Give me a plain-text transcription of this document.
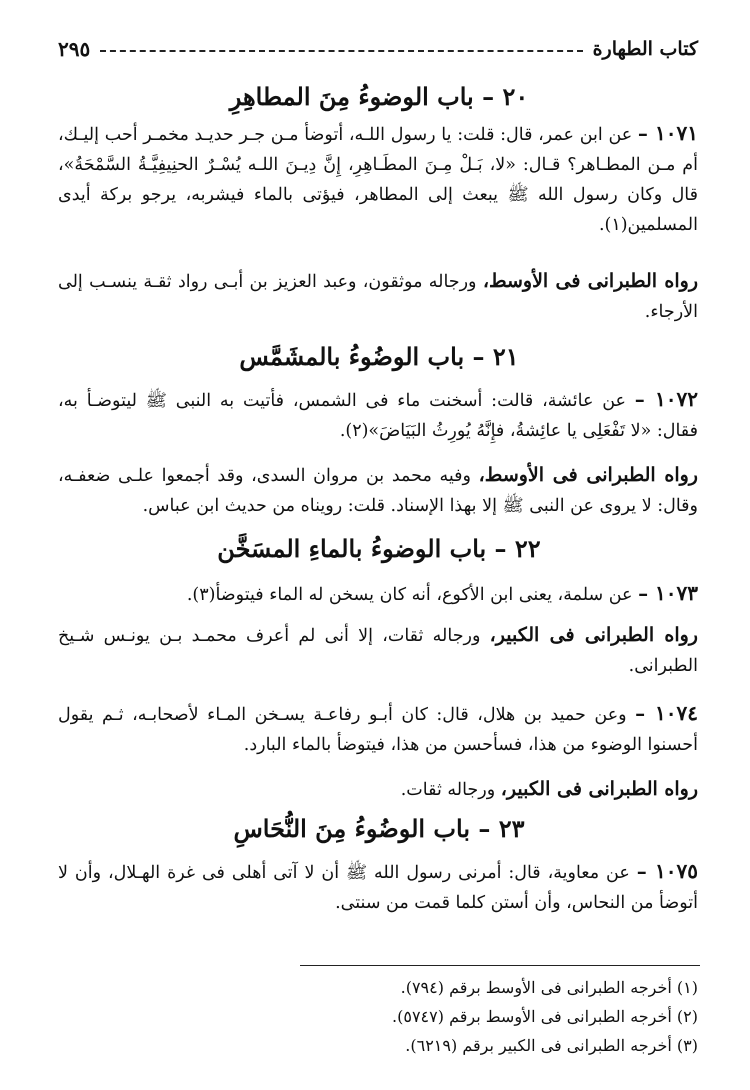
كتاب الطهارة
٢٩٥
٢٠ – باب الوضوءُ مِنَ المطاهِرِ
١٠٧١ – عن ابن عمر، قال: قلت: يا رسول اللـه، أتوضأ مـن جـر حديـد مخمـر أحب إليـك، أم مـن المطـاهر؟ قـال: «لا، بَـلْ مِـنَ المطَـاهِرِ، إِنَّ دِيـنَ اللـه يُسْـرٌ الحنِيفِيَّـةُ السَّمْحَةُ»، قال وكان رسول الله ﷺ يبعث إلى المطاهر، فيؤتى بالماء فيشربه، يرجو بركة أيدى المسلمين(١).
رواه الطبرانى فى الأوسط، ورجاله موثقون، وعبد العزيز بن أبـى رواد ثقـة ينسـب إلى الأرجاء.
٢١ – باب الوضُوءُ بالمشَمَّس
١٠٧٢ – عن عائشة، قالت: أسخنت ماء فى الشمس، فأتيت به النبى ﷺ ليتوضـأ به، فقال: «لا تَفْعَلِى يا عائِشةُ، فإِنَّهُ يُورِثُ البَيَاضَ»(٢).
رواه الطبرانى فى الأوسط، وفيه محمد بن مروان السدى، وقد أجمعوا علـى ضعفـه، وقال: لا يروى عن النبى ﷺ إلا بهذا الإسناد. قلت: رويناه من حديث ابن عباس.
٢٢ – باب الوضوءُ بالماءِ المسَخَّن
١٠٧٣ – عن سلمة، يعنى ابن الأكوع، أنه كان يسخن له الماء فيتوضأ(٣).
رواه الطبرانى فى الكبير، ورجاله ثقات، إلا أنى لم أعرف محمـد بـن يونـس شـيخ الطبرانى.
١٠٧٤ – وعن حميد بن هلال، قال: كان أبـو رفاعـة يسـخن المـاء لأصحابـه، ثـم يقول أحسنوا الوضوء من هذا، فسأحسن من هذا، فيتوضأ بالماء البارد.
رواه الطبرانى فى الكبير، ورجاله ثقات.
٢٣ – باب الوضُوءُ مِنَ النُّحَاسِ
١٠٧٥ – عن معاوية، قال: أمرنى رسول الله ﷺ أن لا آتى أهلى فى غرة الهـلال، وأن لا أتوضأ من النحاس، وأن أستن كلما قمت من سنتى.
(١) أخرجه الطبرانى فى الأوسط برقم (٧٩٤).
(٢) أخرجه الطبرانى فى الأوسط برقم (٥٧٤٧).
(٣) أخرجه الطبرانى فى الكبير برقم (٦٢١٩).
